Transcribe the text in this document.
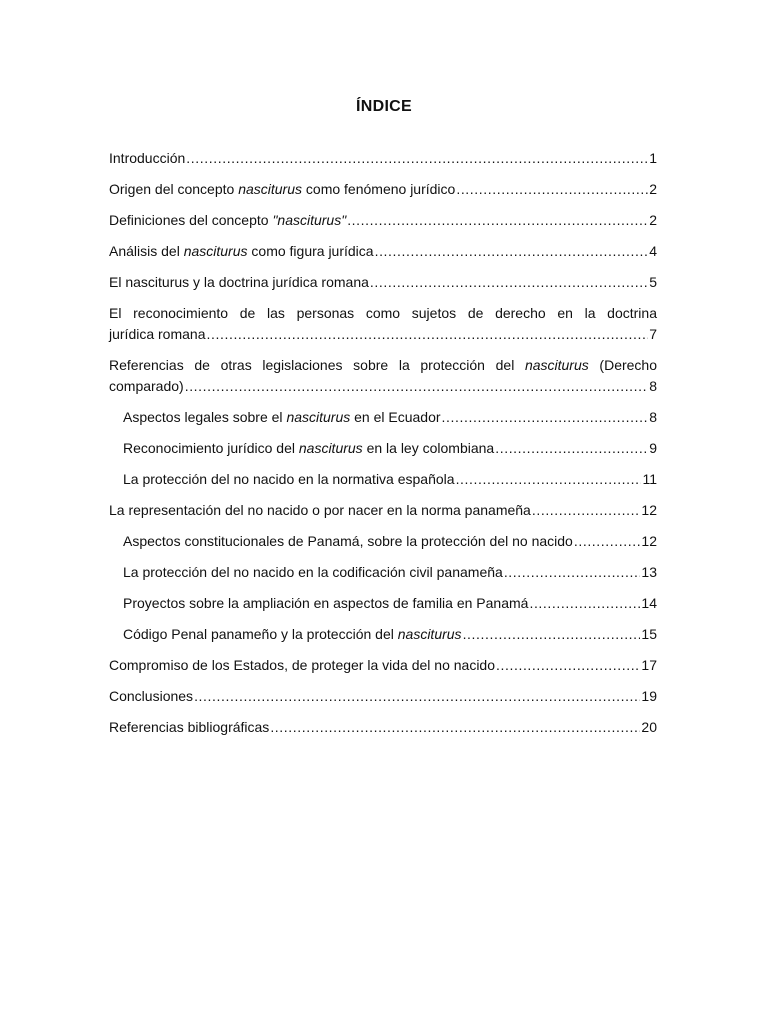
ÍNDICE
Introducción .....	1
Origen del concepto nasciturus como fenómeno jurídico .....	2
Definiciones del concepto "nasciturus" .....	2
Análisis del nasciturus como figura jurídica .....	4
El nasciturus y la doctrina jurídica romana .....	5
El reconocimiento de las personas como sujetos de derecho en la doctrina
jurídica romana .....	7
Referencias de otras legislaciones sobre la protección del nasciturus (Derecho
comparado) .....	8
Aspectos legales sobre el nasciturus en el Ecuador .....	8
Reconocimiento jurídico del nasciturus en la ley colombiana .....	9
La protección del no nacido en la normativa española .....	11
La representación del no nacido o por nacer en la norma panameña .....	12
Aspectos constitucionales de Panamá, sobre la protección del no nacido .....	12
La protección del no nacido en la codificación civil panameña .....	13
Proyectos sobre la ampliación en aspectos de familia en Panamá .....	14
Código Penal panameño y la protección del nasciturus .....	15
Compromiso de los Estados, de proteger la vida del no nacido .....	17
Conclusiones .....	19
Referencias bibliográficas .....	20
